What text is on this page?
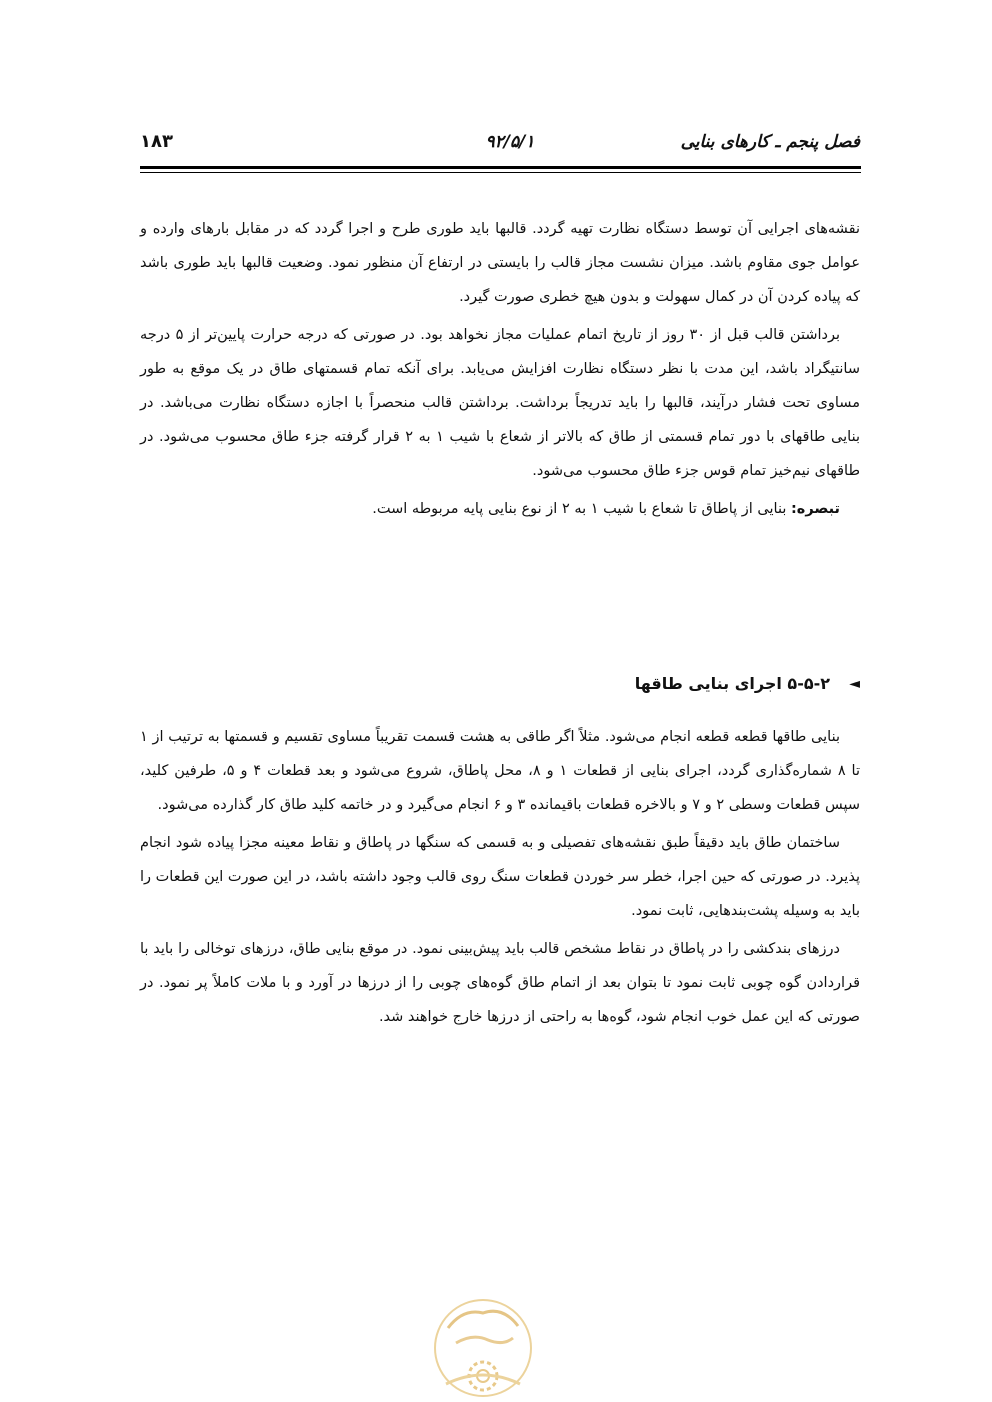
فصل پنجم ـ کارهای بنایی
۹۲/۵/۱
۱۸۳

نقشه‌های اجرایی آن توسط دستگاه نظارت تهیه گردد. قالبها باید طوری طرح و اجرا گردد که در مقابل بارهای وارده و عوامل جوی مقاوم باشد. میزان نشست مجاز قالب را بایستی در ارتفاع آن منظور نمود. وضعیت قالبها باید طوری باشد که پیاده کردن آن در کمال سهولت و بدون هیچ خطری صورت گیرد.

برداشتن قالب قبل از ۳۰ روز از تاریخ اتمام عملیات مجاز نخواهد بود. در صورتی که درجه حرارت پایین‌تر از ۵ درجه سانتیگراد باشد، این مدت با نظر دستگاه نظارت افزایش می‌یابد. برای آنکه تمام قسمتهای طاق در یک موقع به طور مساوی تحت فشار درآیند، قالبها را باید تدریجاً برداشت. برداشتن قالب منحصراً با اجازه دستگاه نظارت می‌باشد. در بنایی طاقهای با دور تمام قسمتی از طاق که بالاتر از شعاع با شیب ۱ به ۲ قرار گرفته جزء طاق محسوب می‌شود. در طاقهای نیم‌خیز تمام قوس جزء طاق محسوب می‌شود.

تبصره: بنایی از پاطاق تا شعاع با شیب ۱ به ۲ از نوع بنایی پایه مربوطه است.

◄
۵-۵-۲ اجرای بنایی طاقها

بنایی طاقها قطعه قطعه انجام می‌شود. مثلاً اگر طاقی به هشت قسمت تقریباً مساوی تقسیم و قسمتها به ترتیب از ۱ تا ۸ شماره‌گذاری گردد، اجرای بنایی از قطعات ۱ و ۸، محل پاطاق، شروع می‌شود و بعد قطعات ۴ و ۵، طرفین کلید، سپس قطعات وسطی ۲ و ۷ و بالاخره قطعات باقیمانده ۳ و ۶ انجام می‌گیرد و در خاتمه کلید طاق کار گذارده می‌شود.

ساختمان طاق باید دقیقاً طبق نقشه‌های تفصیلی و به قسمی که سنگها در پاطاق و نقاط معینه مجزا پیاده شود انجام پذیرد. در صورتی که حین اجرا، خطر سر خوردن قطعات سنگ روی قالب وجود داشته باشد، در این صورت این قطعات را باید به وسیله پشت‌بندهایی، ثابت نمود.

درزهای بندکشی را در پاطاق در نقاط مشخص قالب باید پیش‌بینی نمود. در موقع بنایی طاق، درزهای توخالی را باید با قراردادن گوه چوبی ثابت نمود تا بتوان بعد از اتمام طاق گوه‌های چوبی را از درزها در آورد و با ملات کاملاً پر نمود. در صورتی که این عمل خوب انجام شود، گوه‌ها به راحتی از درزها خارج خواهند شد.
